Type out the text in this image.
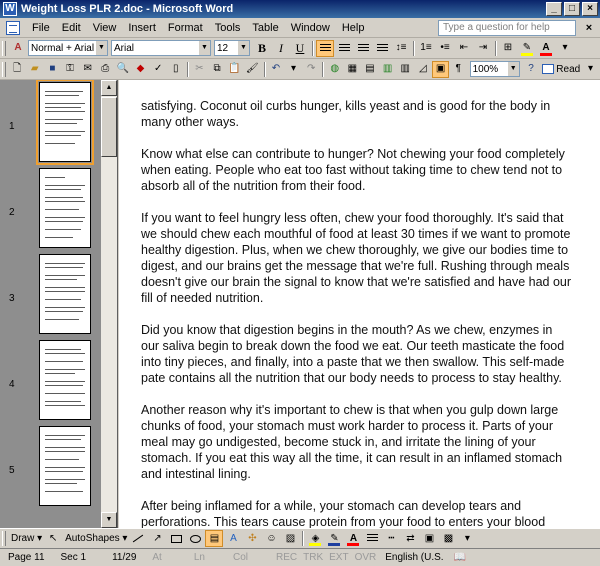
W Weight Loss PLR 2.doc - Microsoft Word	_	□	×
File	Edit	View	Insert	Format	Tools	Table	Window	Help	Type a question for help	×
A Normal + Arial ▼ Arial	▼ 12	▼ B	I	U	↕≡ 1≡ •≡ ⇤ ⇥ ⊞ ✎ A ▾
🗋 ▰ ■ ⚿ ✉ ⎙ 🔍 ◆ ✓ ▯ ✂ ⧉ 📋 🖌 ↶ ▾ ↷ ◍ ▦ ▤ ▥ ▥ ◿ ▣ ¶ 100%	▼ ? Read ▾
1
2
3
4
5
▲
▼

satisfying. Coconut oil curbs hunger, kills yeast and is good for the body in many other ways.

Know what else can contribute to hunger? Not chewing your food completely when eating. People who eat too fast without taking time to chew tend not to absorb all of the nutrition from their food.

If you want to feel hungry less often, chew your food thoroughly. It's said that we should chew each mouthful of food at least 30 times if we want to promote healthy digestion. Plus, when we chew thoroughly, we give our bodies time to digest, and our brains get the message that we're full. Rushing through meals doesn't give our brain the signal to know that we're satisfied and have had our fill of needed nutrition.

Did you know that digestion begins in the mouth? As we chew, enzymes in our saliva begin to break down the food we eat. Our teeth masticate the food into tiny pieces, and finally, into a paste that we then swallow. This self-made pate contains all the nutrition that our body needs to process to stay healthy.

Another reason why it's important to chew is that when you gulp down large chunks of food, your stomach must work harder to process it. Parts of your meal may go undigested, become stuck in, and irritate the lining of your stomach. If you eat this way all the time, it can result in an inflamed stomach and intestinal lining.

After being inflamed for a while, your stomach can develop tears and perforations. This tears cause protein from your food to enters your blood

Draw ▾ ↖ AutoShapes ▾	↗	▤ A ✣ ☺ ▨ ◈ ✎ A	┅ ⇄ ▣ ▩ ▾
Page 11	Sec 1	11/29	At	Ln	Col	REC TRK EXT OVR English (U.S.	📖
